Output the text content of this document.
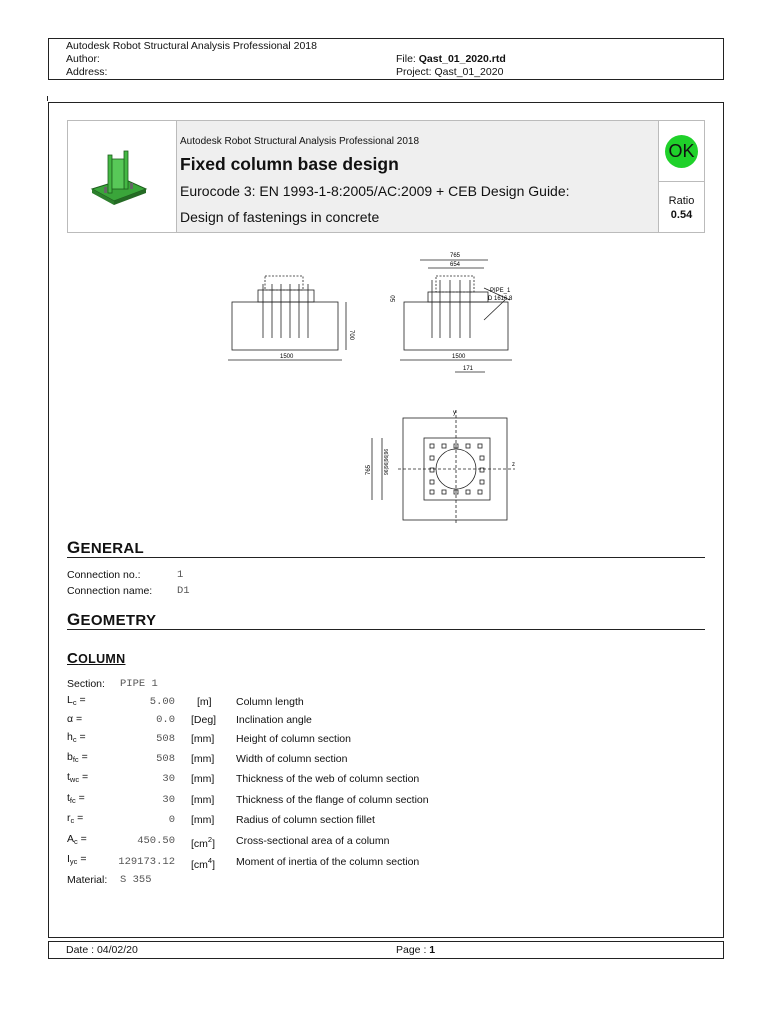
Autodesk Robot Structural Analysis Professional 2018
Author:
Address:
File: Qast_01_2020.rtd
Project: Qast_01_2020
Autodesk Robot Structural Analysis Professional 2018
Fixed column base design
Eurocode 3: EN 1993-1-8:2005/AC:2009 + CEB Design Guide:
Design of fastenings in concrete
OK
Ratio
0.54
1500
700
765
654
PIPE_1
D 1616.8
50
1500
171
765 96|96|96|96
y
z
GENERAL
Connection no.:	1
Connection name: D1
GEOMETRY
COLUMN
Section: PIPE 1
$L_c$ =	5.00 [m] Column length
α =	0.0 [Deg] Inclination angle
$h_c$ =	508 [mm] Height of column section
$b_{fc}$ =	508 [mm] Width of column section
$t_{wc}$ =	30 [mm] Thickness of the web of column section
$t_{fc}$ =	30 [mm] Thickness of the flange of column section
$r_c$ =	0 [mm] Radius of column section fillet
$A_c$ =	450.50 $[cm^2]$ Cross-sectional area of a column
$I_{yc}$ =	129173.12 $[cm^4]$ Moment of inertia of the column section
Material: S 355
Date : 04/02/20	Page : 1
